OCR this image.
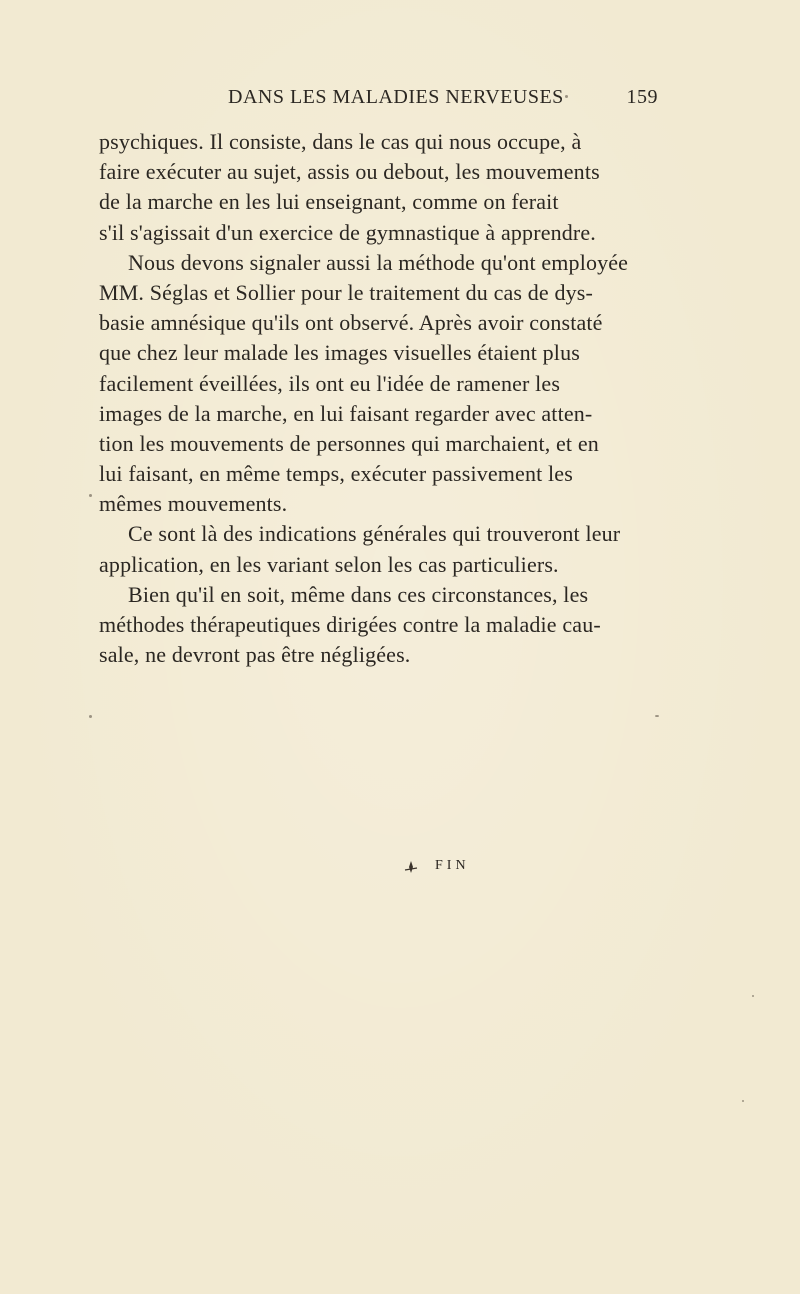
DANS LES MALADIES NERVEUSES	159
psychiques. Il consiste, dans le cas qui nous occupe, à
faire exécuter au sujet, assis ou debout, les mouvements
de la marche en les lui enseignant, comme on ferait
s'il s'agissait d'un exercice de gymnastique à apprendre.
Nous devons signaler aussi la méthode qu'ont employée
MM. Séglas et Sollier pour le traitement du cas de dys-
basie amnésique qu'ils ont observé. Après avoir constaté
que chez leur malade les images visuelles étaient plus
facilement éveillées, ils ont eu l'idée de ramener les
images de la marche, en lui faisant regarder avec atten-
tion les mouvements de personnes qui marchaient, et en
lui faisant, en même temps, exécuter passivement les
mêmes mouvements.
Ce sont là des indications générales qui trouveront leur
application, en les variant selon les cas particuliers.
Bien qu'il en soit, même dans ces circonstances, les
méthodes thérapeutiques dirigées contre la maladie cau-
sale, ne devront pas être négligées.
FIN
